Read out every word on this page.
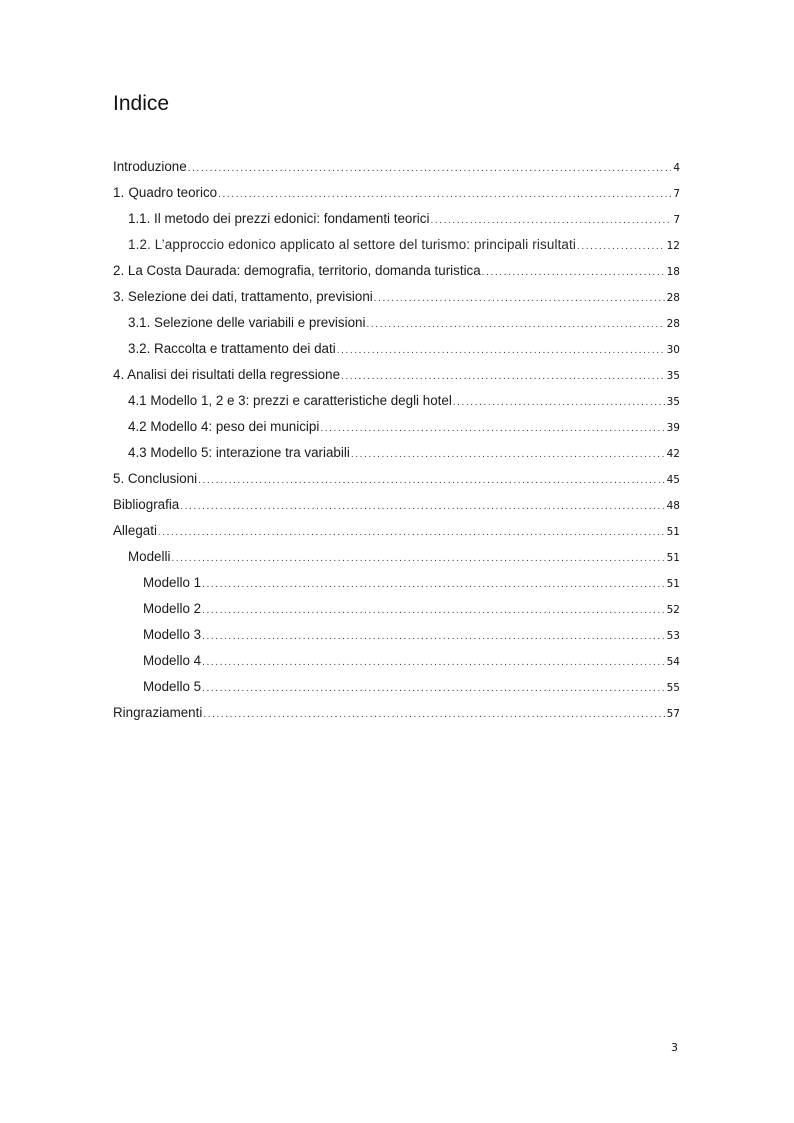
Indice
Introduzione .....	4
1. Quadro teorico .....	7
1.1. Il metodo dei prezzi edonici: fondamenti teorici .....	7
1.2. L’approccio edonico applicato al settore del turismo: principali risultati .....	12
2. La Costa Daurada: demografia, territorio, domanda turistica .....	18
3. Selezione dei dati, trattamento, previsioni .....	28
3.1. Selezione delle variabili e previsioni .....	28
3.2. Raccolta e trattamento dei dati .....	30
4. Analisi dei risultati della regressione .....	35
4.1 Modello 1, 2 e 3: prezzi e caratteristiche degli hotel .....	35
4.2 Modello 4: peso dei municipi .....	39
4.3 Modello 5: interazione tra variabili .....	42
5. Conclusioni .....	45
Bibliografia .....	48
Allegati .....	51
Modelli .....	51
Modello 1 .....	51
Modello 2 .....	52
Modello 3 .....	53
Modello 4 .....	54
Modello 5 .....	55
Ringraziamenti .....	57
3
